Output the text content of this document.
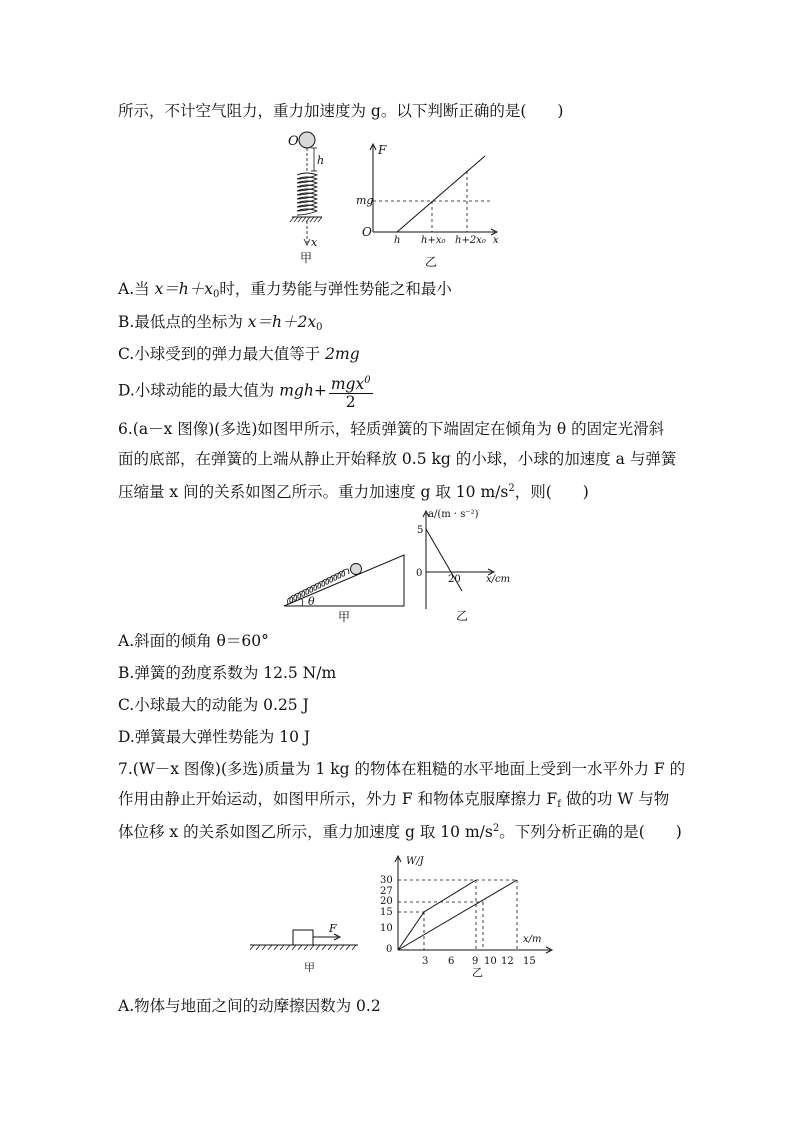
所示，不计空气阻力，重力加速度为 g。以下判断正确的是(　　)
O
h
x
甲
F
mg
O
h h+x₀ h+2x₀ x
乙
A.当 $x=h+x_0$时，重力势能与弹性势能之和最小
B.最低点的坐标为 $x=h+2x_0$
C.小球受到的弹力最大值等于 2mg
D.小球动能的最大值为 $mgh+ \frac{mgx^0}{2}$
6.(a－x 图像)(多选)如图甲所示，轻质弹簧的下端固定在倾角为 θ 的固定光滑斜
面的底部，在弹簧的上端从静止开始释放 0.5 kg 的小球，小球的加速度 a 与弹簧
压缩量 x 间的关系如图乙所示。重力加速度 g 取 10 $m/s^2$，则(　　)
θ
甲
a/(m · s⁻²)
x/cm
5
0
20
乙
A.斜面的倾角 θ＝60°
B.弹簧的劲度系数为 12.5 N/m
C.小球最大的动能为 0.25 J
D.弹簧最大弹性势能为 10 J
7.(W－x 图像)(多选)质量为 1 kg 的物体在粗糙的水平地面上受到一水平外力 F 的
作用由静止开始运动，如图甲所示，外力 F 和物体克服摩擦力 $F_f$ 做的功 W 与物
体位移 x 的关系如图乙所示，重力加速度 g 取 10 $m/s^2$。下列分析正确的是(　　)
F
甲
W/J
x/m
30
27
20
15
10
0
3 6 9 10 12 15
乙
A.物体与地面之间的动摩擦因数为 0.2
